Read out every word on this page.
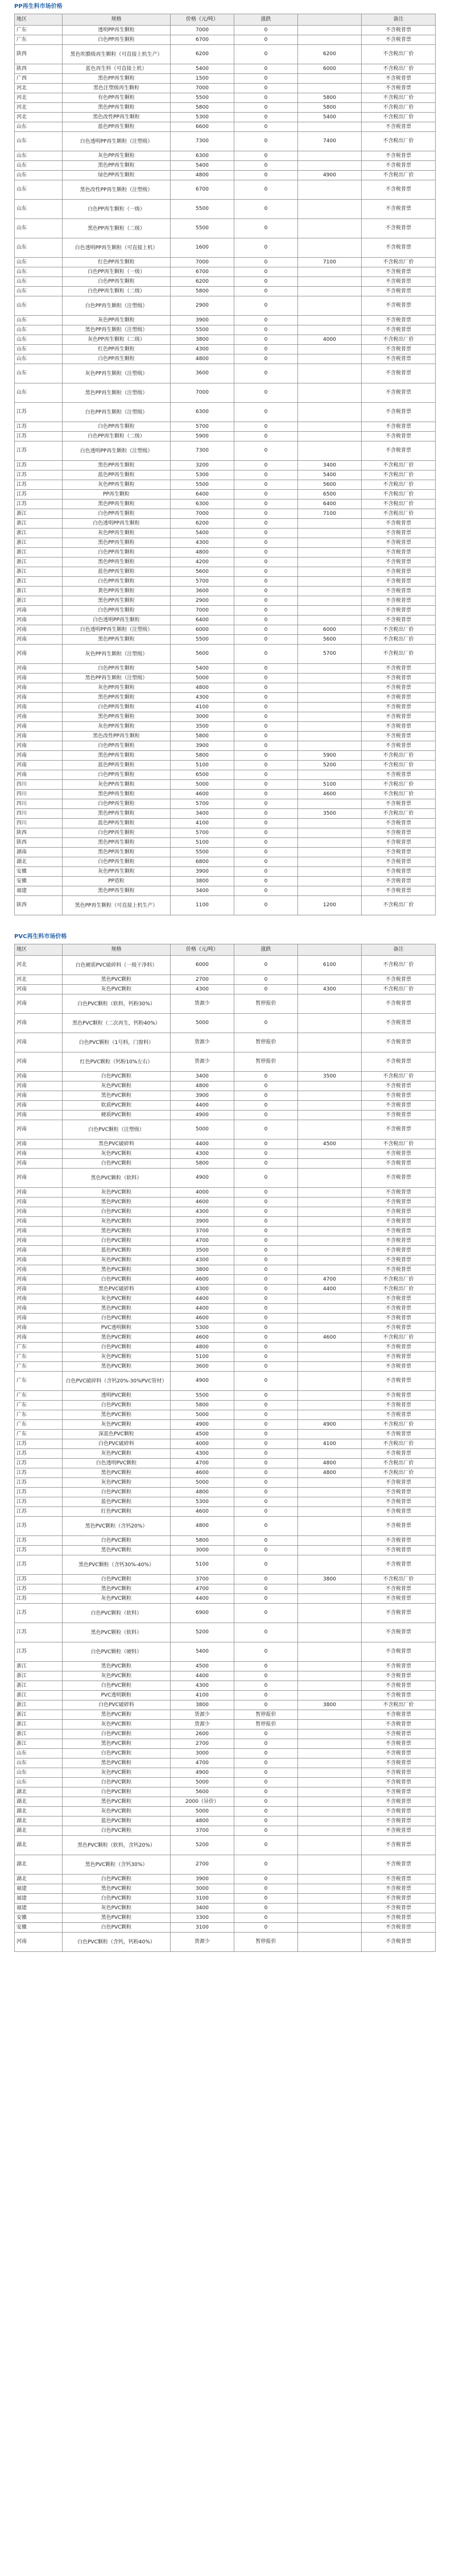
PP再生料市场价格
地区	规格	价格（元/吨）	涨跌		备注
广东	透明PP再生颗粒	7000	0		不含税普票
广东	白色PP再生颗粒	6700	0		不含税普票
陕西	黑色吹膜级再生颗粒（可直接上机生产）	6200	0	6200	不含税出厂价
陕西	蓝色再生料（可直接上机）	5400	0	6000	不含税出厂价
广西	黑色PP再生颗粒	1500	0		不含税普票
河北	黑色注塑级再生颗粒	7000	0		不含税普票
河北	有色PP再生颗粒	5500	0	5800	不含税出厂价
河北	黑色PP再生颗粒	5800	0	5800	不含税出厂价
河北	黑色改性PP再生颗粒	5300	0	5400	不含税出厂价
山东	蓝色PP再生颗粒	6600	0		不含税普票
山东	白色透明PP再生颗粒（注塑级）	7300	0	7400	不含税出厂价
山东	灰色PP再生颗粒	6300	0		不含税普票
山东	黑色PP再生颗粒	5400	0		不含税普票
山东	绿色PP再生颗粒	4800	0	4900	不含税出厂价
山东	黑色改性PP再生颗粒（注塑级）	6700	0		不含税普票
山东	白色PP再生颗粒（一级）	5500	0		不含税普票
山东	黑色PP再生颗粒（二级）	5500	0		不含税普票
山东	白色透明PP再生颗粒（可直接上机）	1600	0		不含税普票
山东	红色PP再生颗粒	7000	0	7100	不含税出厂价
山东	白色PP再生颗粒（一级）	6700	0		不含税普票
山东	白色PP再生颗粒	6200	0		不含税普票
山东	白色PP再生颗粒（二级）	5800	0		不含税普票
山东	白色PP再生颗粒（注塑级）	2900	0		不含税普票
山东	灰色PP再生颗粒	3900	0		不含税普票
山东	黑色PP再生颗粒（注塑级）	5500	0		不含税普票
山东	灰色PP再生颗粒（二级）	3800	0	4000	不含税出厂价
山东	红色PP再生颗粒	4300	0		不含税普票
山东	白色PP再生颗粒	4800	0		不含税普票
山东	灰色PP再生颗粒（注塑级）	3600	0		不含税普票
山东	黑色PP再生颗粒（注塑级）	7000	0		不含税普票
江苏	白色PP再生颗粒（注塑级）	6300	0		不含税普票
江苏	白色PP再生颗粒	5700	0		不含税普票
江苏	白色PP再生颗粒（二级）	5900	0		不含税普票
江苏	白色透明PP再生颗粒（注塑级）	7300	0		不含税普票
江苏	黑色PP再生颗粒	3200	0	3400	不含税出厂价
江苏	蓝色PP再生颗粒	5300	0	5400	不含税出厂价
江苏	灰色PP再生颗粒	5500	0	5600	不含税出厂价
江苏	PP再生颗粒	6400	0	6500	不含税出厂价
江苏	黑色PP再生颗粒	6300	0	6400	不含税出厂价
浙江	白色PP再生颗粒	7000	0	7100	不含税出厂价
浙江	白色透明PP再生颗粒	6200	0		不含税普票
浙江	灰色PP再生颗粒	5400	0		不含税普票
浙江	黑色PP再生颗粒	4300	0		不含税普票
浙江	白色PP再生颗粒	4800	0		不含税普票
浙江	黑色PP再生颗粒	4200	0		不含税普票
浙江	蓝色PP再生颗粒	5600	0		不含税普票
浙江	白色PP再生颗粒	5700	0		不含税普票
浙江	黄色PP再生颗粒	3600	0		不含税普票
浙江	黑色PP再生颗粒	2900	0		不含税普票
河南	白色PP再生颗粒	7000	0		不含税普票
河南	白色透明PP再生颗粒	6400	0		不含税普票
河南	白色透明PP再生颗粒（注塑级）	6000	0	6000	不含税出厂价
河南	黑色PP再生颗粒	5500	0	5600	不含税出厂价
河南	灰色PP再生颗粒（注塑级）	5600	0	5700	不含税出厂价
河南	白色PP再生颗粒	5400	0		不含税普票
河南	黑色PP再生颗粒（注塑级）	5000	0		不含税普票
河南	灰色PP再生颗粒	4800	0		不含税普票
河南	黑色PP再生颗粒	4300	0		不含税普票
河南	白色PP再生颗粒	4100	0		不含税普票
河南	黑色PP再生颗粒	3000	0		不含税普票
河南	灰色PP再生颗粒	3500	0		不含税普票
河南	黑色改性PP再生颗粒	5800	0		不含税普票
河南	白色PP再生颗粒	3900	0		不含税普票
河南	黑色PP再生颗粒	5800	0	5900	不含税出厂价
河南	蓝色PP再生颗粒	5100	0	5200	不含税出厂价
河南	白色PP再生颗粒	6500	0		不含税普票
四川	灰色PP再生颗粒	5000	0	5100	不含税出厂价
四川	黑色PP再生颗粒	4600	0	4600	不含税出厂价
四川	白色PP再生颗粒	5700	0		不含税普票
四川	黑色PP再生颗粒	3400	0	3500	不含税出厂价
四川	蓝色PP再生颗粒	4100	0		不含税普票
陕西	白色PP再生颗粒	5700	0		不含税普票
陕西	黑色PP再生颗粒	5100	0		不含税普票
湖南	黑色PP再生颗粒	5500	0		不含税普票
湖北	白色PP再生颗粒	6800	0		不含税普票
安徽	灰色PP再生颗粒	3900	0		不含税普票
安徽	PP造粒	3800	0		不含税普票
福建	黑色PP再生颗粒	3400	0		不含税普票
陕西	黑色PP再生颗粒（可直接上机生产）	1100	0	1200	不含税出厂价
PVC再生料市场价格
地区	规格	价格（元/吨）	涨跌		备注
河北	白色硬质PVC破碎料（一级干净料）	6000	0	6100	不含税出厂价
河北	黑色PVC颗粒	2700	0		不含税普票
河南	灰色PVC颗粒	4300	0	4300	不含税出厂价
河南	白色PVC颗粒（软料，钙粉30%）	货源少	暂停报价		不含税普票
河南	黑色PVC颗粒（二次再生，钙粉40%）	5000	0		不含税普票
河南	白色PVC颗粒（1号料，门窗料）	货源少	暂停报价		不含税普票
河南	红色PVC颗粒（钙粉10%左右）	货源少	暂停报价		不含税普票
河南	白色PVC颗粒	3400	0	3500	不含税出厂价
河南	灰色PVC颗粒	4800	0		不含税普票
河南	黑色PVC颗粒	3900	0		不含税普票
河南	软质PVC颗粒	4400	0		不含税普票
河南	硬质PVC颗粒	4900	0		不含税普票
河南	白色PVC颗粒（注塑级）	5000	0		不含税普票
河南	黑色PVC破碎料	4400	0	4500	不含税出厂价
河南	灰色PVC颗粒	4300	0		不含税普票
河南	白色PVC颗粒	5800	0		不含税普票
河南	黑色PVC颗粒（软料）	4900	0		不含税普票
河南	灰色PVC颗粒	4000	0		不含税普票
河南	黑色PVC颗粒	4600	0		不含税普票
河南	白色PVC颗粒	4300	0		不含税普票
河南	灰色PVC颗粒	3900	0		不含税普票
河南	黑色PVC颗粒	3700	0		不含税普票
河南	白色PVC颗粒	4700	0		不含税普票
河南	蓝色PVC颗粒	3500	0		不含税普票
河南	灰色PVC颗粒	4300	0		不含税普票
河南	黑色PVC颗粒	3800	0		不含税普票
河南	白色PVC颗粒	4600	0	4700	不含税出厂价
河南	黑色PVC破碎料	4300	0	4400	不含税出厂价
河南	灰色PVC颗粒	4400	0		不含税普票
河南	黑色PVC颗粒	4400	0		不含税普票
河南	白色PVC颗粒	4600	0		不含税普票
河南	PVC透明颗粒	5300	0		不含税普票
河南	黑色PVC颗粒	4600	0	4600	不含税出厂价
广东	白色PVC颗粒	4800	0		不含税普票
广东	灰色PVC颗粒	5100	0		不含税普票
广东	黑色PVC颗粒	3600	0		不含税普票
广东	白色PVC破碎料（含钙20%-30%PVC管材）	4900	0		不含税普票
广东	透明PVC颗粒	5500	0		不含税普票
广东	白色PVC颗粒	5800	0		不含税普票
广东	黑色PVC颗粒	5000	0		不含税普票
广东	灰色PVC颗粒	4900	0	4900	不含税出厂价
广东	深蓝色PVC颗粒	4500	0		不含税普票
江苏	白色PVC破碎料	4000	0	4100	不含税出厂价
江苏	灰色PVC颗粒	4300	0		不含税普票
江苏	白色透明PVC颗粒	4700	0	4800	不含税出厂价
江苏	黑色PVC颗粒	4600	0	4800	不含税出厂价
江苏	灰色PVC颗粒	5000	0		不含税普票
江苏	白色PVC颗粒	4800	0		不含税普票
江苏	蓝色PVC颗粒	5300	0		不含税普票
江苏	红色PVC颗粒	4600	0		不含税普票
江苏	黑色PVC颗粒（含钙20%）	4800	0		不含税普票
江苏	白色PVC颗粒	5800	0		不含税普票
江苏	黑色PVC颗粒	3000	0		不含税普票
江苏	黑色PVC颗粒（含钙30%-40%）	5100	0		不含税普票
江苏	白色PVC颗粒	3700	0	3800	不含税出厂价
江苏	黑色PVC颗粒	4700	0		不含税普票
江苏	灰色PVC颗粒	4400	0		不含税普票
江苏	白色PVC颗粒（软料）	6900	0		不含税普票
江苏	黑色PVC颗粒（软料）	5200	0		不含税普票
江苏	白色PVC颗粒（硬料）	5400	0		不含税普票
浙江	黑色PVC颗粒	4500	0		不含税普票
浙江	灰色PVC颗粒	4400	0		不含税普票
浙江	白色PVC颗粒	4300	0		不含税普票
浙江	PVC透明颗粒	4100	0		不含税普票
浙江	白色PVC破碎料	3800	0	3800	不含税出厂价
浙江	黑色PVC颗粒	货源少	暂停报价		不含税普票
浙江	灰色PVC颗粒	货源少	暂停报价		不含税普票
浙江	白色PVC颗粒	2600	0		不含税普票
浙江	黑色PVC颗粒	2700	0		不含税普票
山东	白色PVC颗粒	3000	0		不含税普票
山东	黑色PVC颗粒	4700	0		不含税普票
山东	灰色PVC颗粒	4900	0		不含税普票
山东	白色PVC颗粒	5000	0		不含税普票
湖北	白色PVC颗粒	5600	0		不含税普票
湖北	黑色PVC颗粒	2000（异价）	0		不含税普票
湖北	灰色PVC颗粒	5000	0		不含税普票
湖北	蓝色PVC颗粒	4800	0		不含税普票
湖北	白色PVC颗粒	3700	0		不含税普票
湖北	黑色PVC颗粒（软料，含钙20%）	5200	0		不含税普票
湖北	黑色PVC颗粒（含钙30%）	2700	0		不含税普票
湖北	白色PVC颗粒	3900	0		不含税普票
福建	黑色PVC颗粒	3000	0		不含税普票
福建	白色PVC颗粒	3100	0		不含税普票
福建	灰色PVC颗粒	3400	0		不含税普票
安徽	黑色PVC颗粒	3300	0		不含税普票
安徽	白色PVC颗粒	3100	0		不含税普票
河南	白色PVC颗粒（含钙，钙粉40%）	货源少	暂停报价		不含税普票
